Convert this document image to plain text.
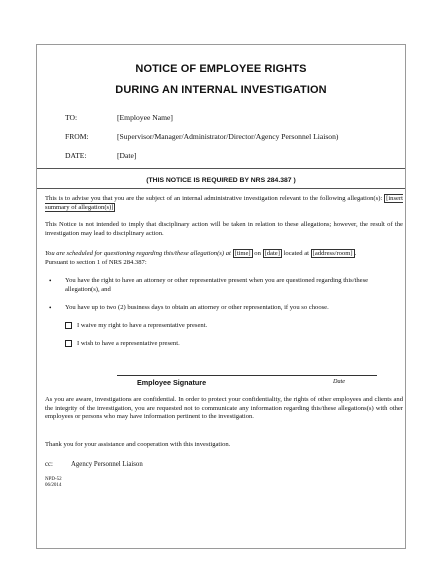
NOTICE OF EMPLOYEE RIGHTS
DURING AN INTERNAL INVESTIGATION
TO:	[Employee Name]
FROM:	[Supervisor/Manager/Administrator/Director/Agency Personnel Liaison)
DATE:	[Date]
(THIS NOTICE IS REQUIRED BY NRS 284.387 )
This is to advise you that you are the subject of an internal administrative investigation relevant to the following allegation(s): [insert summary of allegation(s)]
This Notice is not intended to imply that disciplinary action will be taken in relation to these allegations; however, the result of the investigation may lead to disciplinary action.
You are scheduled for questioning regarding this/these allegation(s) at [time] on [date] located at [address/room] .
Pursuant to section 1 of NRS 284.387:
• You have the right to have an attorney or other representative present when you are questioned regarding this/these allegation(s), and
• You have up to two (2) business days to obtain an attorney or other representation, if you so choose.
I waive my right to have a representative present.
I wish to have a representative present.
Employee Signature	Date
As you are aware, investigations are confidential. In order to protect your confidentiality, the rights of other employees and clients and the integrity of the investigation, you are requested not to communicate any information regarding this/these allegations(s) with other employees or persons who may have information pertinent to the investigation.
Thank you for your assistance and cooperation with this investigation.
cc:	Agency Personnel Liaison
NPD-52
06/2014
